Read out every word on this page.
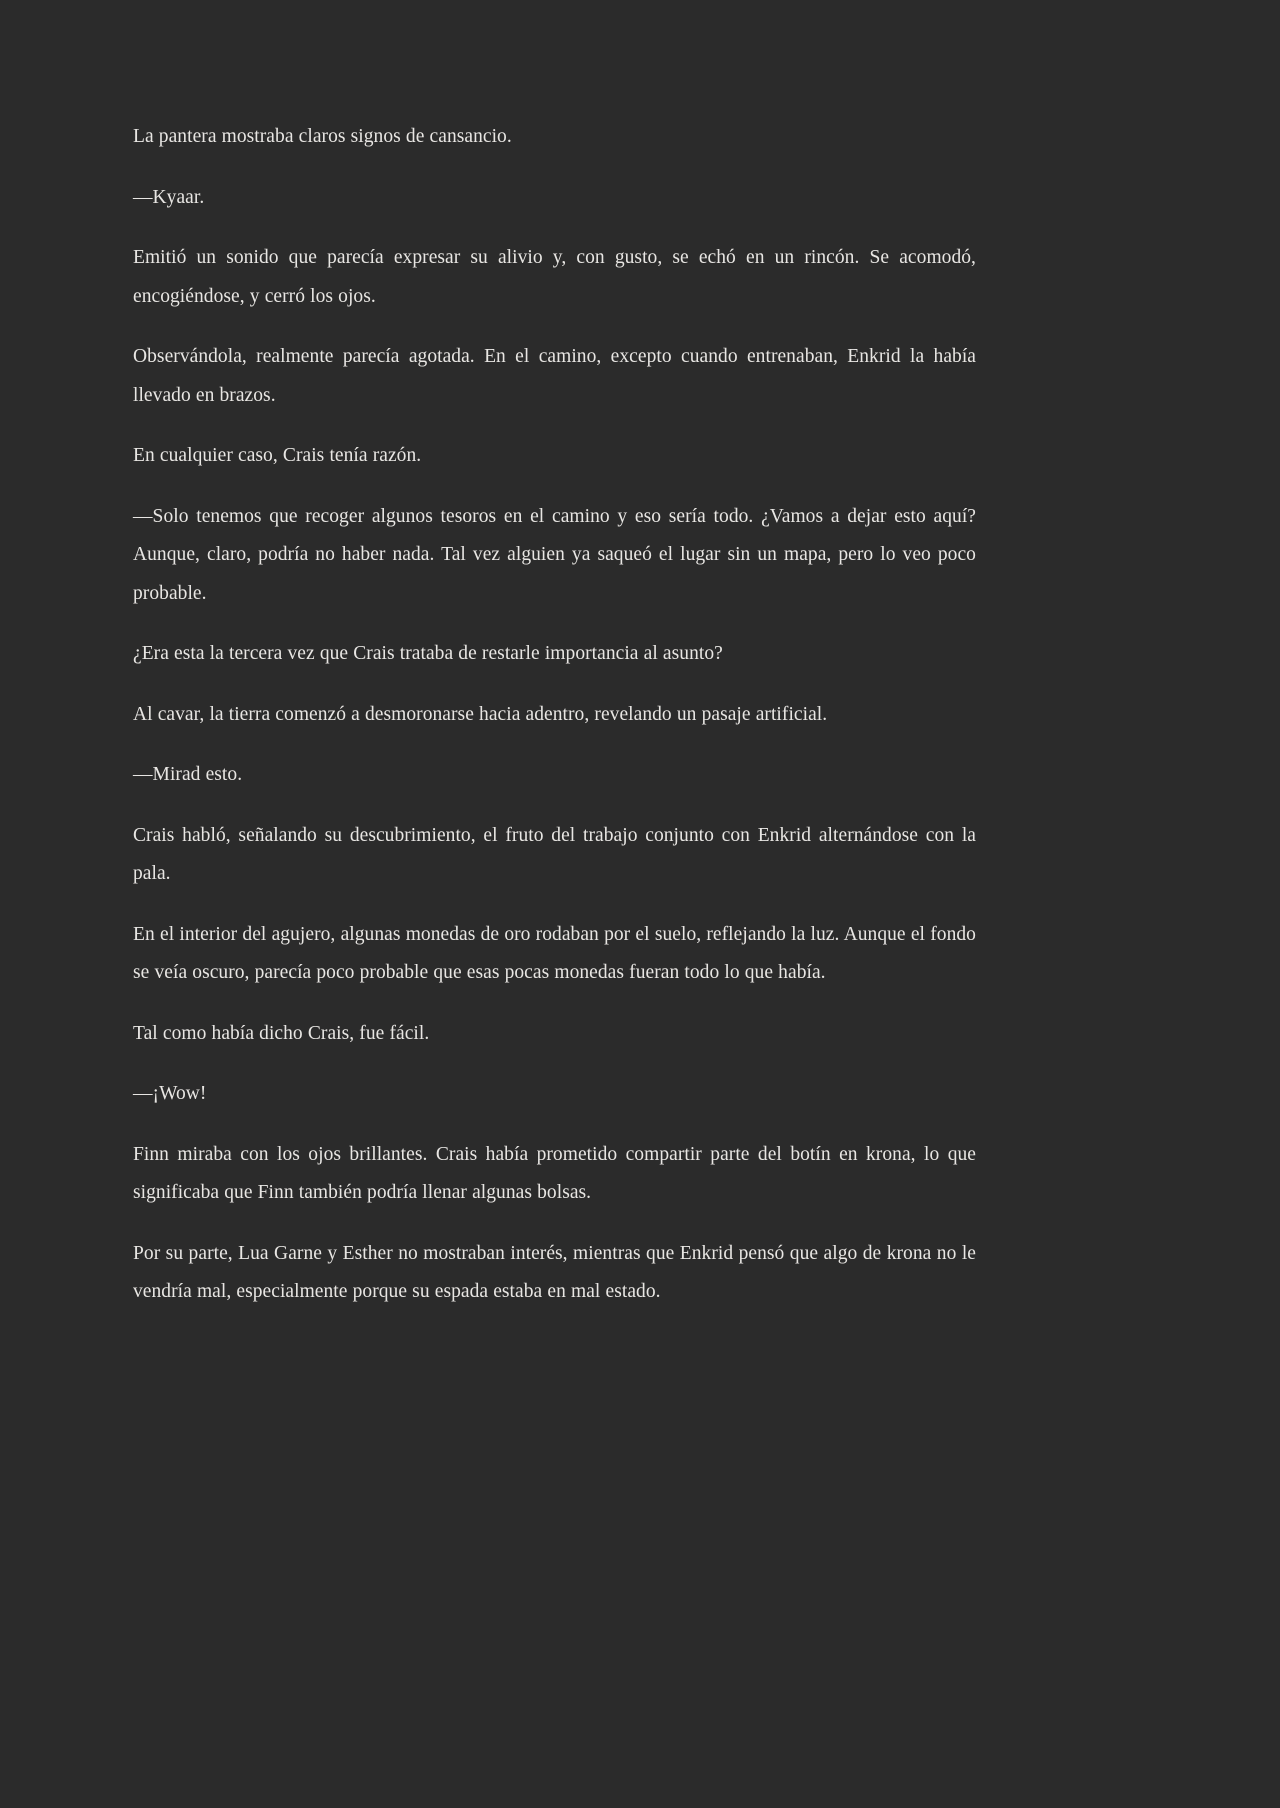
La pantera mostraba claros signos de cansancio.

—Kyaar.

Emitió un sonido que parecía expresar su alivio y, con gusto, se echó en un rincón. Se acomodó, encogiéndose, y cerró los ojos.

Observándola, realmente parecía agotada. En el camino, excepto cuando entrenaban, Enkrid la había llevado en brazos.

En cualquier caso, Crais tenía razón.

—Solo tenemos que recoger algunos tesoros en el camino y eso sería todo. ¿Vamos a dejar esto aquí? Aunque, claro, podría no haber nada. Tal vez alguien ya saqueó el lugar sin un mapa, pero lo veo poco probable.

¿Era esta la tercera vez que Crais trataba de restarle importancia al asunto?

Al cavar, la tierra comenzó a desmoronarse hacia adentro, revelando un pasaje artificial.

—Mirad esto.

Crais habló, señalando su descubrimiento, el fruto del trabajo conjunto con Enkrid alternándose con la pala.

En el interior del agujero, algunas monedas de oro rodaban por el suelo, reflejando la luz. Aunque el fondo se veía oscuro, parecía poco probable que esas pocas monedas fueran todo lo que había.

Tal como había dicho Crais, fue fácil.

—¡Wow!

Finn miraba con los ojos brillantes. Crais había prometido compartir parte del botín en krona, lo que significaba que Finn también podría llenar algunas bolsas.

Por su parte, Lua Garne y Esther no mostraban interés, mientras que Enkrid pensó que algo de krona no le vendría mal, especialmente porque su espada estaba en mal estado.
